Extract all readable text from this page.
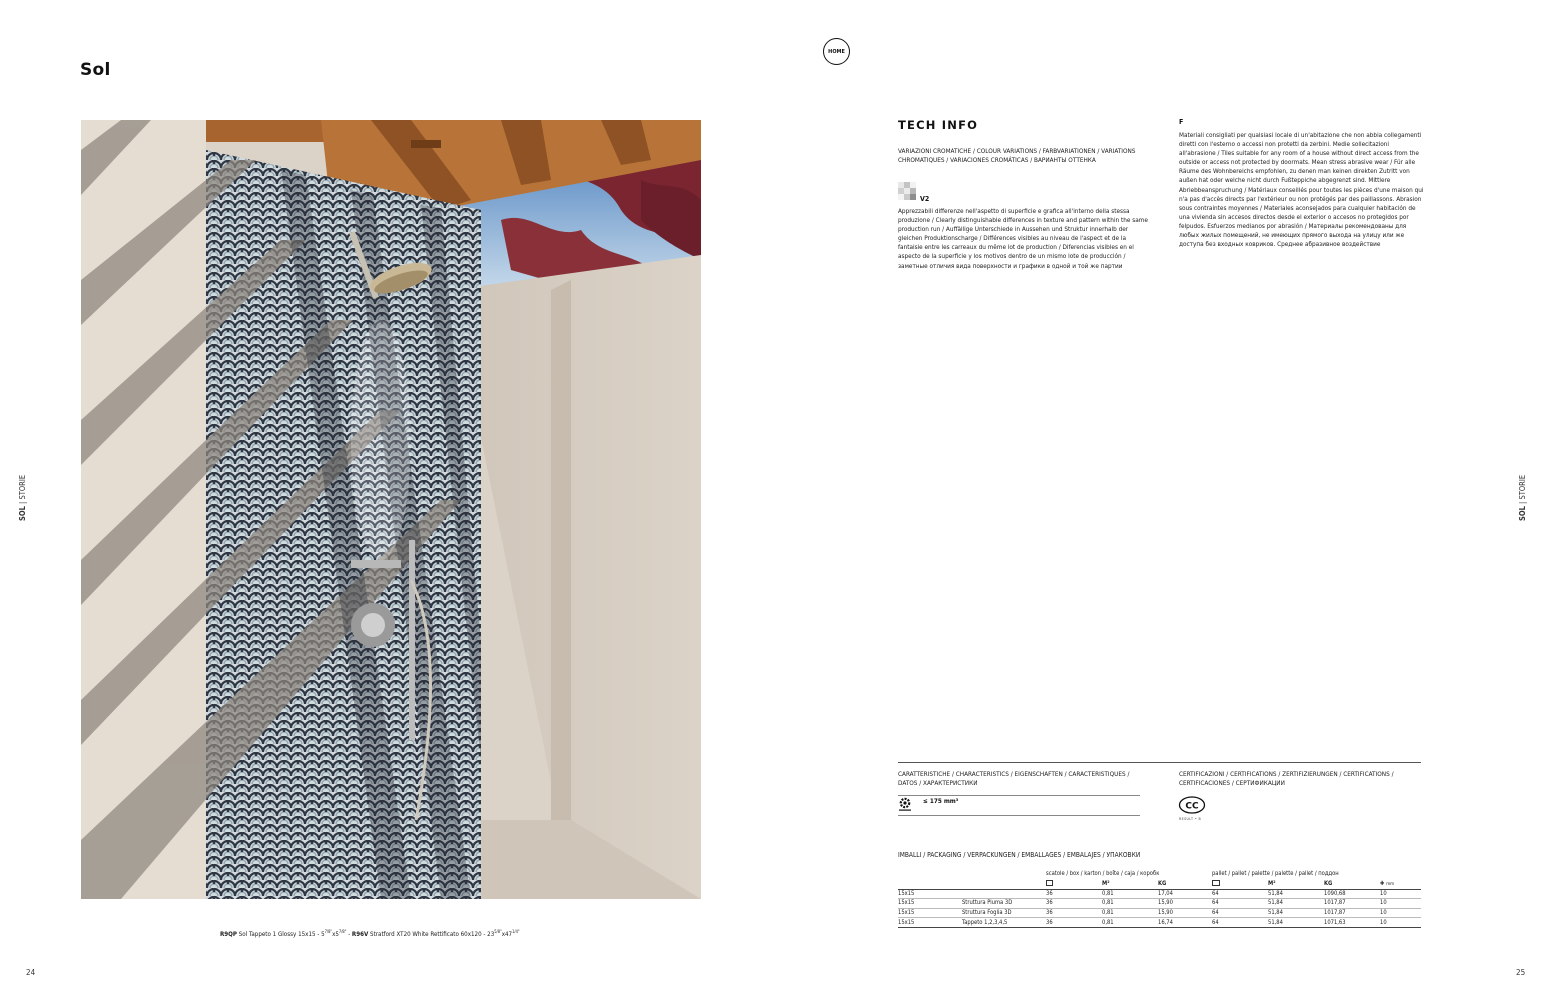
Sol
R9QP Sol Tappeto 1 Glossy $15x15 - 5^{7/8"}x5^{7/8"} - R96V$ Stratford XT20 White Rettificato $60x120 - 23^{5/8"}x47^{1/4"}$
24
SOL | STORIE
HOME
TECH INFO
VARIAZIONI CROMATICHE / COLOUR VARIATIONS / FARBVARIATIONEN / VARIATIONS CHROMATIQUES / VARIACIONES CROMÁTICAS / ВАРИАНТЫ ОТТЕНКА
V2
Apprezzabili differenze nell'aspetto di superficie e grafica all'interno della stessa produzione / Clearly distinguishable differences in texture and pattern within the same production run / Auffällige Unterschiede in Aussehen und Struktur innerhalb der gleichen Produktionscharge / Différences visibles au niveau de l'aspect et de la fantaisie entre les carreaux du même lot de production / Diferencias visibles en el aspecto de la superficie y los motivos dentro de un mismo lote de producción / заметные отличия вида поверхности и графики в одной и той же партии
F
Materiali consigliati per qualsiasi locale di un'abitazione che non abbia collegamenti diretti con l'esterno o accessi non protetti da zerbini. Medie sollecitazioni all'abrasione / Tiles suitable for any room of a house without direct access from the outside or access not protected by doormats. Mean stress abrasive wear / Für alle Räume des Wohnbereichs empfohlen, zu denen man keinen direkten Zutritt von außen hat oder welche nicht durch Fußteppiche abgegrenzt sind. Mittlere Abriebbeanspruchung / Matériaux conseillés pour toutes les pièces d'une maison qui n'a pas d'accès directs par l'extérieur ou non protégés par des paillassons. Abrasion sous contraintes moyennes / Materiales aconsejados para cualquier habitación de una vivienda sin accesos directos desde el exterior o accesos no protegidos por felpudos. Esfuerzos medianos por abrasión / Материалы рекомендованы для любых жилых помещений, не имеющих прямого выхода на улицу или же доступа без входных ковриков. Среднее абразивное воздействие
CARATTERISTICHE / CHARACTERISTICS / EIGENSCHAFTEN / CARACTERISTIQUES / DATOS / ХАРАКТЕРИСТИКИ
CERTIFICAZIONI / CERTIFICATIONS / ZERTIFIZIERUNGEN / CERTIFICATIONS / CERTIFICACIONES / СЕРТИФИКАЦИИ
≤ 175 mm³
CC
RESULT • B
IMBALLI / PACKAGING / VERPACKUNGEN / EMBALLAGES / EMBALAJES / УПАКОВКИ
		scatole / box / karton / boîte / caja / коробк			pallet / pallet / palette / palette / pallet / поддон			
			M²	KG		M²	KG	✚ mm
15x15		36	0,81	17,04	64	51,84	1090,68	10
15x15	Struttura Piuma 3D	36	0,81	15,90	64	51,84	1017,87	10
15x15	Struttura Foglia 3D	36	0,81	15,90	64	51,84	1017,87	10
15x15	Tappeto 1,2,3,4,5	36	0,81	16,74	64	51,84	1071,63	10
25
SOL | STORIE
